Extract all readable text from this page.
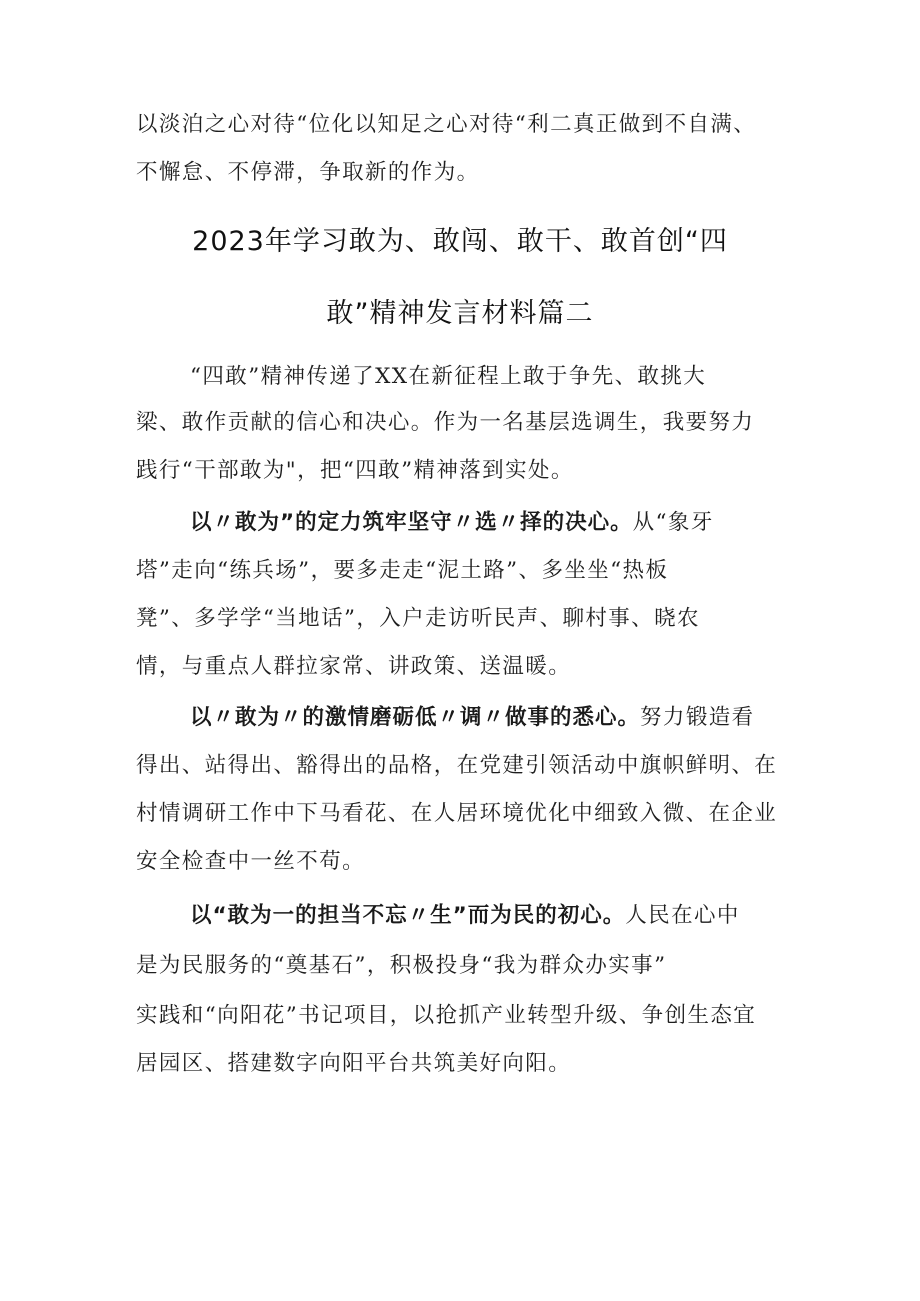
以淡泊之心对待“位化以知足之心对待“利二真正做到不自满、
不懈怠、不停滞，争取新的作为。
2023年学习敢为、敢闯、敢干、敢首创“四
敢”精神发言材料篇二
“四敢”精神传递了XX在新征程上敢于争先、敢挑大
梁、敢作贡献的信心和决心。作为一名基层选调生，我要努力
践行“干部敢为"，把“四敢”精神落到实处。
以〃敢为”的定力筑牢坚守〃选〃择的决心。从“象牙
塔”走向“练兵场”，要多走走“泥土路”、多坐坐“热板
凳”、多学学“当地话”，入户走访听民声、聊村事、晓农
情，与重点人群拉家常、讲政策、送温暖。
以〃敢为〃的激情磨砺低〃调〃做事的悉心。努力锻造看
得出、站得出、豁得出的品格，在党建引领活动中旗帜鲜明、在
村情调研工作中下马看花、在人居环境优化中细致入微、在企业
安全检查中一丝不苟。
以“敢为一的担当不忘〃生”而为民的初心。人民在心中
是为民服务的“奠基石”，积极投身“我为群众办实事”
实践和“向阳花”书记项目，以抢抓产业转型升级、争创生态宜
居园区、搭建数字向阳平台共筑美好向阳。
